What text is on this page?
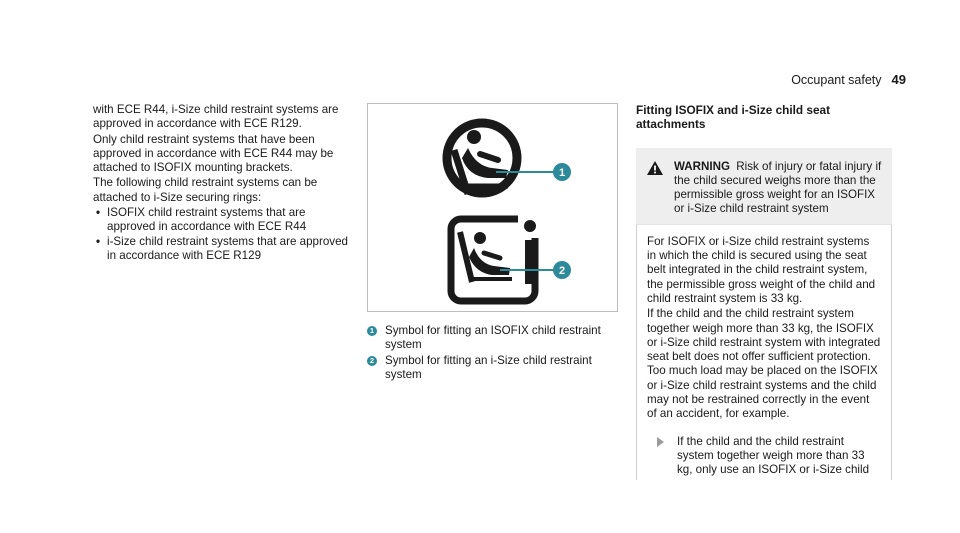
Occupant safety 49

with ECE R44, i-Size child restraint systems are approved in accordance with ECE R129.

Only child restraint systems that have been approved in accordance with ECE R44 may be attached to ISOFIX mounting brackets.

The following child restraint systems can be attached to i-Size securing rings:

• ISOFIX child restraint systems that are approved in accordance with ECE R44
• i-Size child restraint systems that are approved in accordance with ECE R129
1
2
1 Symbol for fitting an ISOFIX child restraint system
2 Symbol for fitting an i-Size child restraint system
Fitting ISOFIX and i-Size child seat attachments
WARNING Risk of injury or fatal injury if the child secured weighs more than the permissible gross weight for an ISOFIX or i-Size child restraint system

For ISOFIX or i-Size child restraint systems in which the child is secured using the seat belt integrated in the child restraint system, the permissible gross weight of the child and child restraint system is 33 kg.

If the child and the child restraint system together weigh more than 33 kg, the ISOFIX or i-Size child restraint system with integrated seat belt does not offer sufficient protection. Too much load may be placed on the ISOFIX or i-Size child restraint systems and the child may not be restrained correctly in the event of an accident, for example.

If the child and the child restraint system together weigh more than 33 kg, only use an ISOFIX or i-Size child
